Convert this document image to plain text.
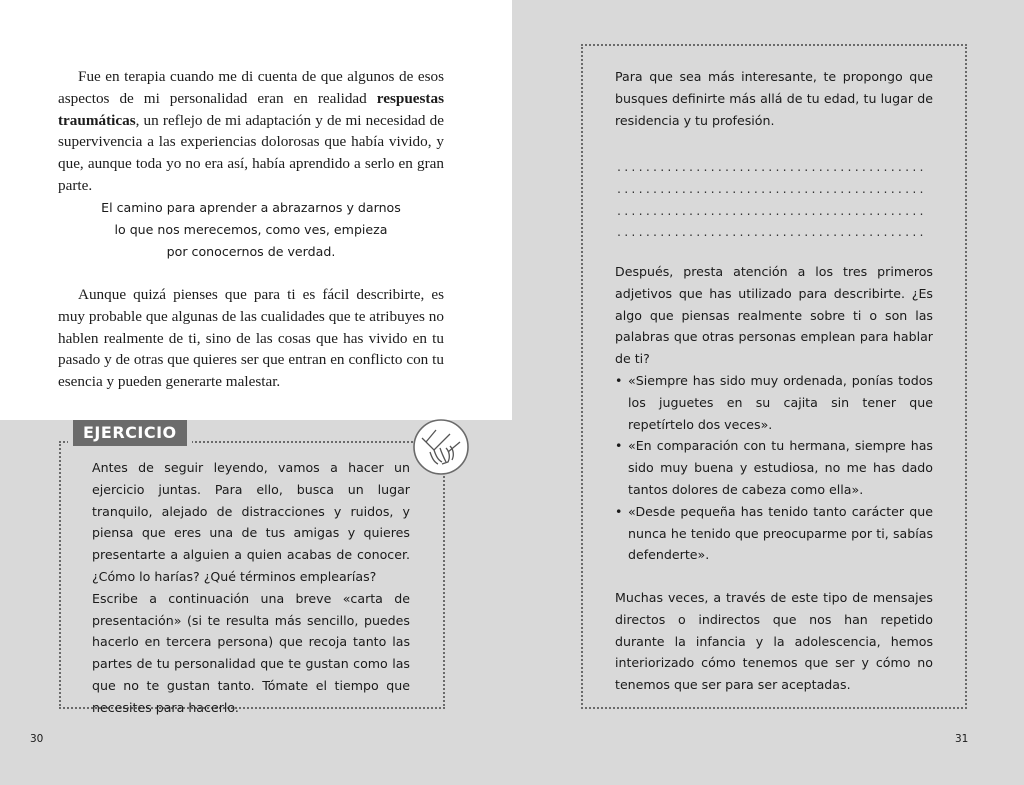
Fue en terapia cuando me di cuenta de que algunos de esos aspectos de mi personalidad eran en realidad respuestas traumáticas, un reflejo de mi adaptación y de mi necesidad de supervivencia a las experiencias dolorosas que había vivido, y que, aunque toda yo no era así, había aprendido a serlo en gran parte.

El camino para aprender a abrazarnos y darnos
lo que nos merecemos, como ves, empieza
por conocernos de verdad.

Aunque quizá pienses que para ti es fácil describirte, es muy probable que algunas de las cualidades que te atribuyes no hablen realmente de ti, sino de las cosas que has vivido en tu pasado y de otras que quieres ser que entran en conflicto con tu esencia y pueden generarte malestar.

EJERCICIO

Antes de seguir leyendo, vamos a hacer un ejercicio juntas. Para ello, busca un lugar tranquilo, alejado de distracciones y ruidos, y piensa que eres una de tus amigas y quieres presentarte a alguien a quien acabas de conocer. ¿Cómo lo harías? ¿Qué términos emplearías?

Escribe a continuación una breve «carta de presentación» (si te resulta más sencillo, puedes hacerlo en tercera persona) que recoja tanto las partes de tu personalidad que te gustan como las que no te gustan tanto. Tómate el tiempo que necesites para hacerlo.

30
Para que sea más interesante, te propongo que busques definirte más allá de tu edad, tu lugar de residencia y tu profesión.
...........................................
...........................................
...........................................
...........................................
Después, presta atención a los tres primeros adjetivos que has utilizado para describirte. ¿Es algo que piensas realmente sobre ti o son las palabras que otras personas emplean para hablar de ti?
• «Siempre has sido muy ordenada, ponías todos los juguetes en su cajita sin tener que repetírtelo dos veces».
• «En comparación con tu hermana, siempre has sido muy buena y estudiosa, no me has dado tantos dolores de cabeza como ella».
• «Desde pequeña has tenido tanto carácter que nunca he tenido que preocuparme por ti, sabías defenderte».
Muchas veces, a través de este tipo de mensajes directos o indirectos que nos han repetido durante la infancia y la adolescencia, hemos interiorizado cómo tenemos que ser y cómo no tenemos que ser para ser aceptadas.
31
